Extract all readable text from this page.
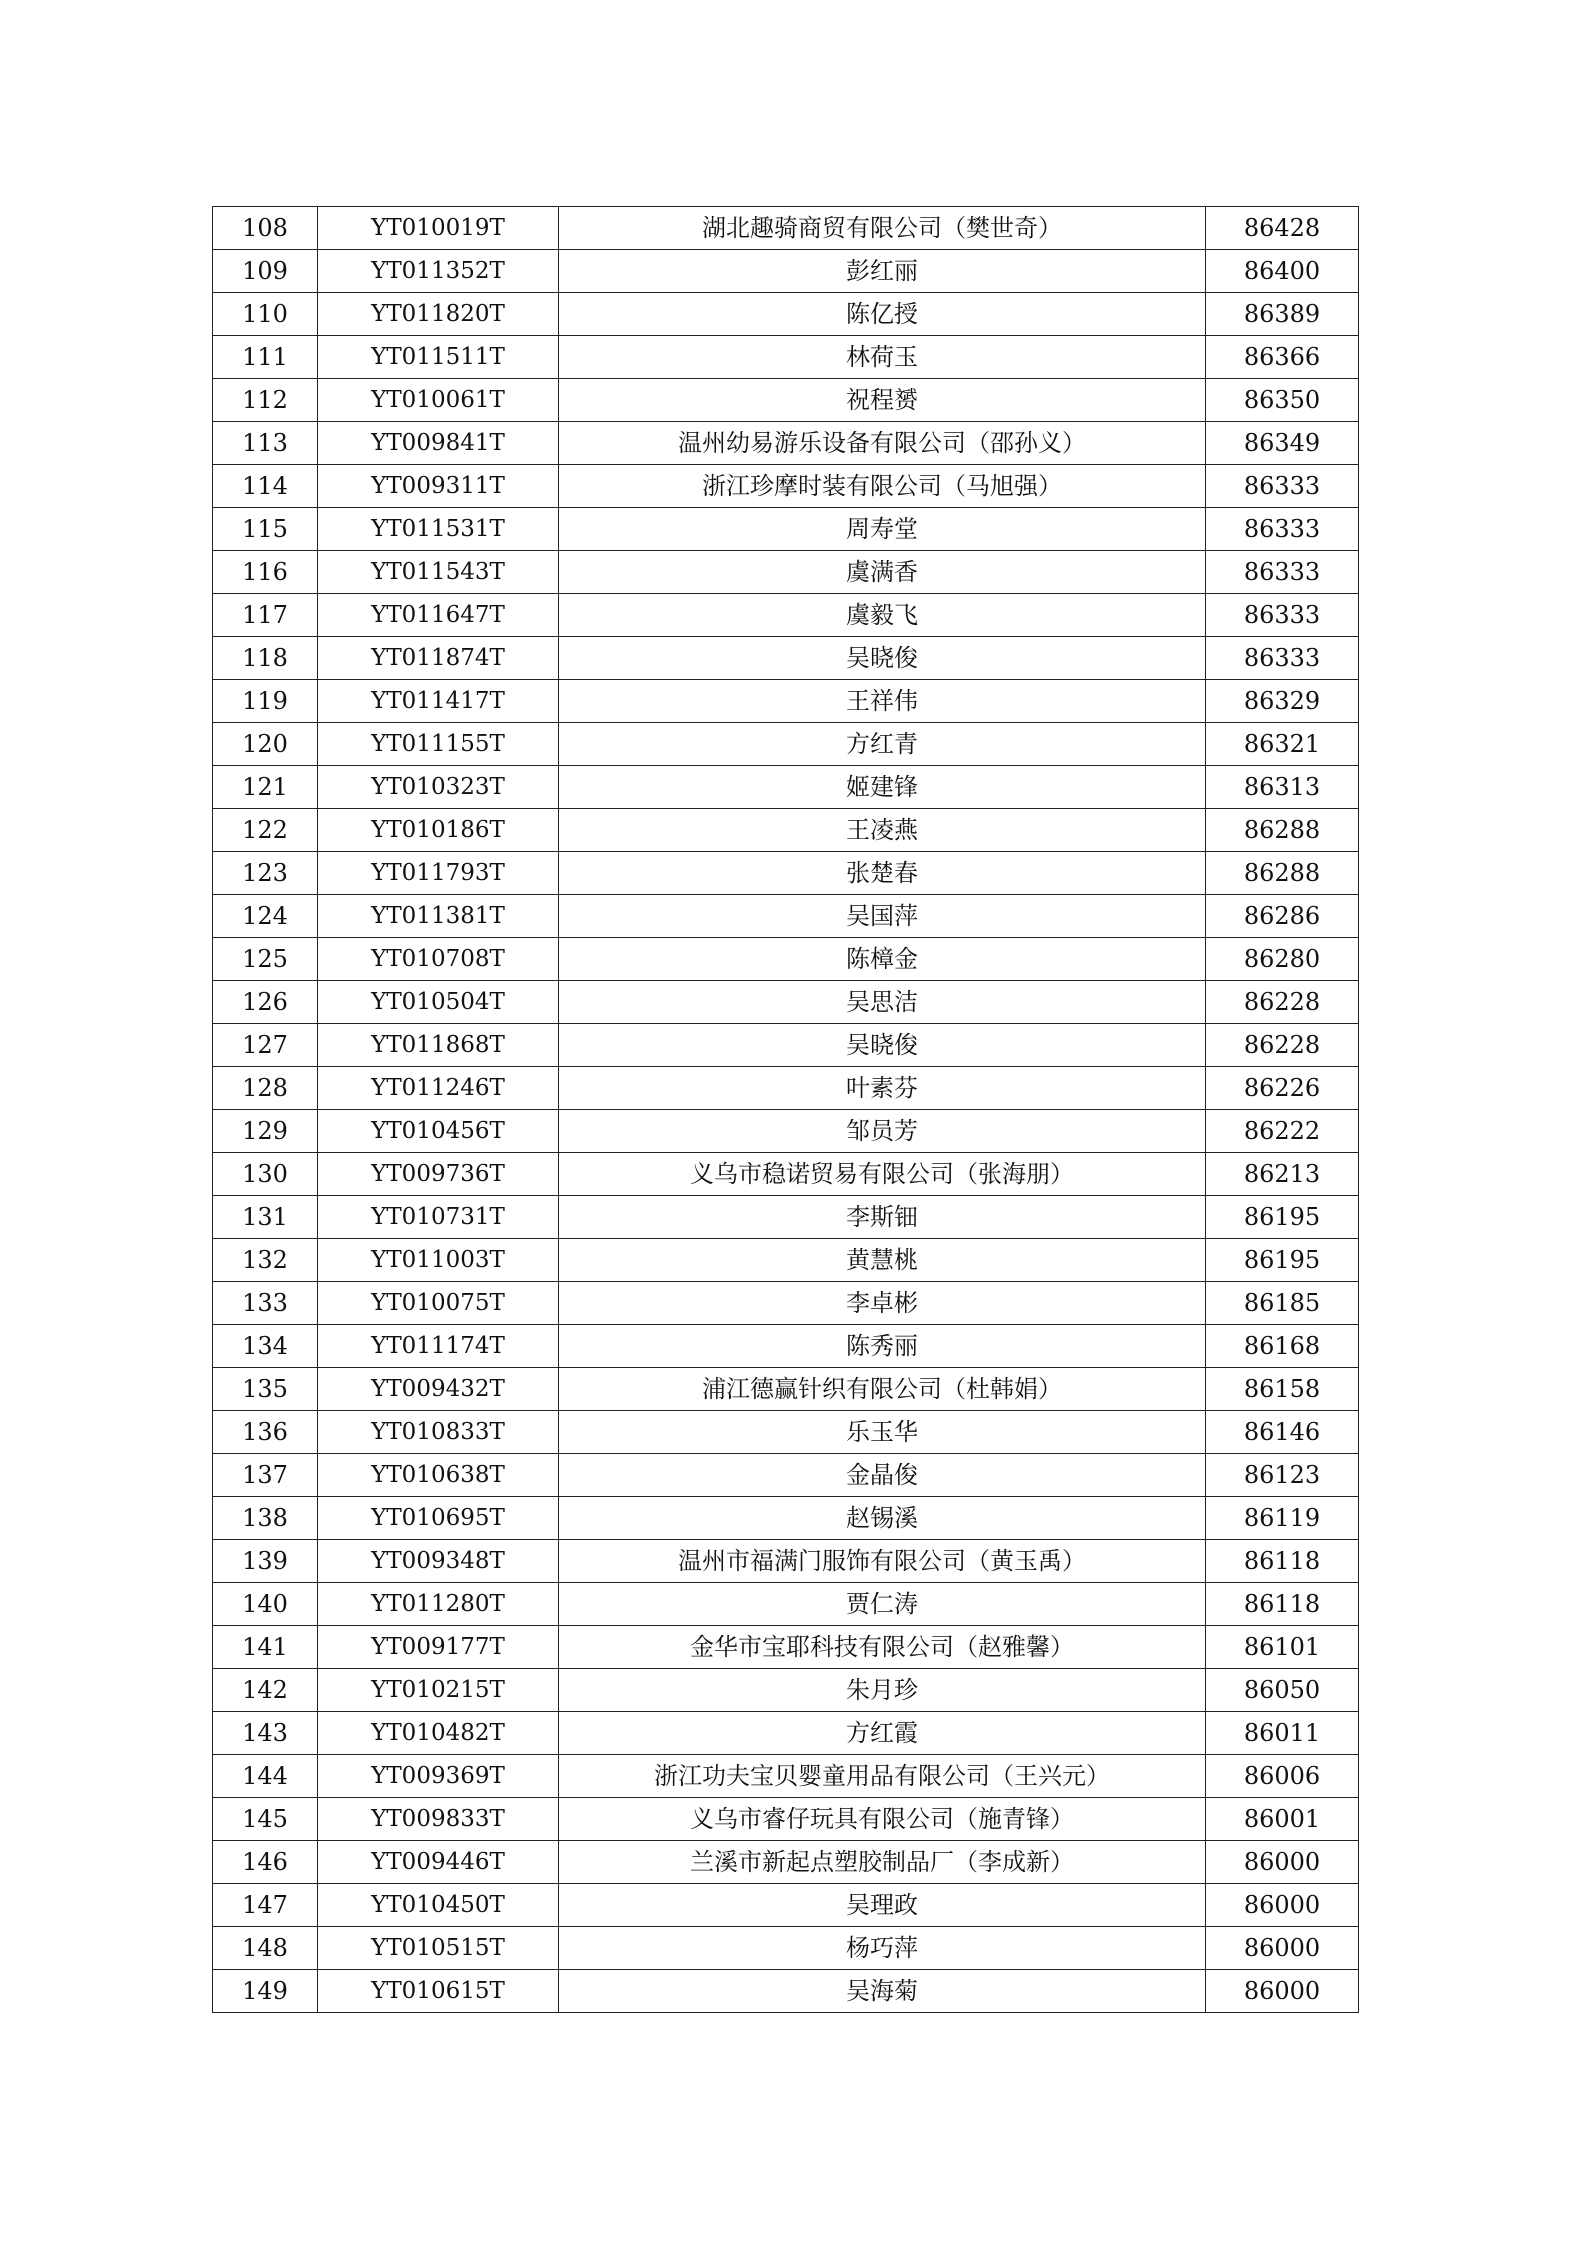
108	YT010019T	湖北趣骑商贸有限公司（樊世奇）	86428
109	YT011352T	彭红丽	86400
110	YT011820T	陈亿授	86389
111	YT011511T	林荷玉	86366
112	YT010061T	祝程赟	86350
113	YT009841T	温州幼易游乐设备有限公司（邵孙义）	86349
114	YT009311T	浙江珍摩时装有限公司（马旭强）	86333
115	YT011531T	周寿堂	86333
116	YT011543T	虞满香	86333
117	YT011647T	虞毅飞	86333
118	YT011874T	吴晓俊	86333
119	YT011417T	王祥伟	86329
120	YT011155T	方红青	86321
121	YT010323T	姬建锋	86313
122	YT010186T	王凌燕	86288
123	YT011793T	张楚春	86288
124	YT011381T	吴国萍	86286
125	YT010708T	陈樟金	86280
126	YT010504T	吴思洁	86228
127	YT011868T	吴晓俊	86228
128	YT011246T	叶素芬	86226
129	YT010456T	邹员芳	86222
130	YT009736T	义乌市稳诺贸易有限公司（张海朋）	86213
131	YT010731T	李斯钿	86195
132	YT011003T	黄慧桃	86195
133	YT010075T	李卓彬	86185
134	YT011174T	陈秀丽	86168
135	YT009432T	浦江德赢针织有限公司（杜韩娟）	86158
136	YT010833T	乐玉华	86146
137	YT010638T	金晶俊	86123
138	YT010695T	赵锡溪	86119
139	YT009348T	温州市福满门服饰有限公司（黄玉禹）	86118
140	YT011280T	贾仁涛	86118
141	YT009177T	金华市宝耶科技有限公司（赵雅馨）	86101
142	YT010215T	朱月珍	86050
143	YT010482T	方红霞	86011
144	YT009369T	浙江功夫宝贝婴童用品有限公司（王兴元）	86006
145	YT009833T	义乌市睿仔玩具有限公司（施青锋）	86001
146	YT009446T	兰溪市新起点塑胶制品厂（李成新）	86000
147	YT010450T	吴理政	86000
148	YT010515T	杨巧萍	86000
149	YT010615T	吴海菊	86000
